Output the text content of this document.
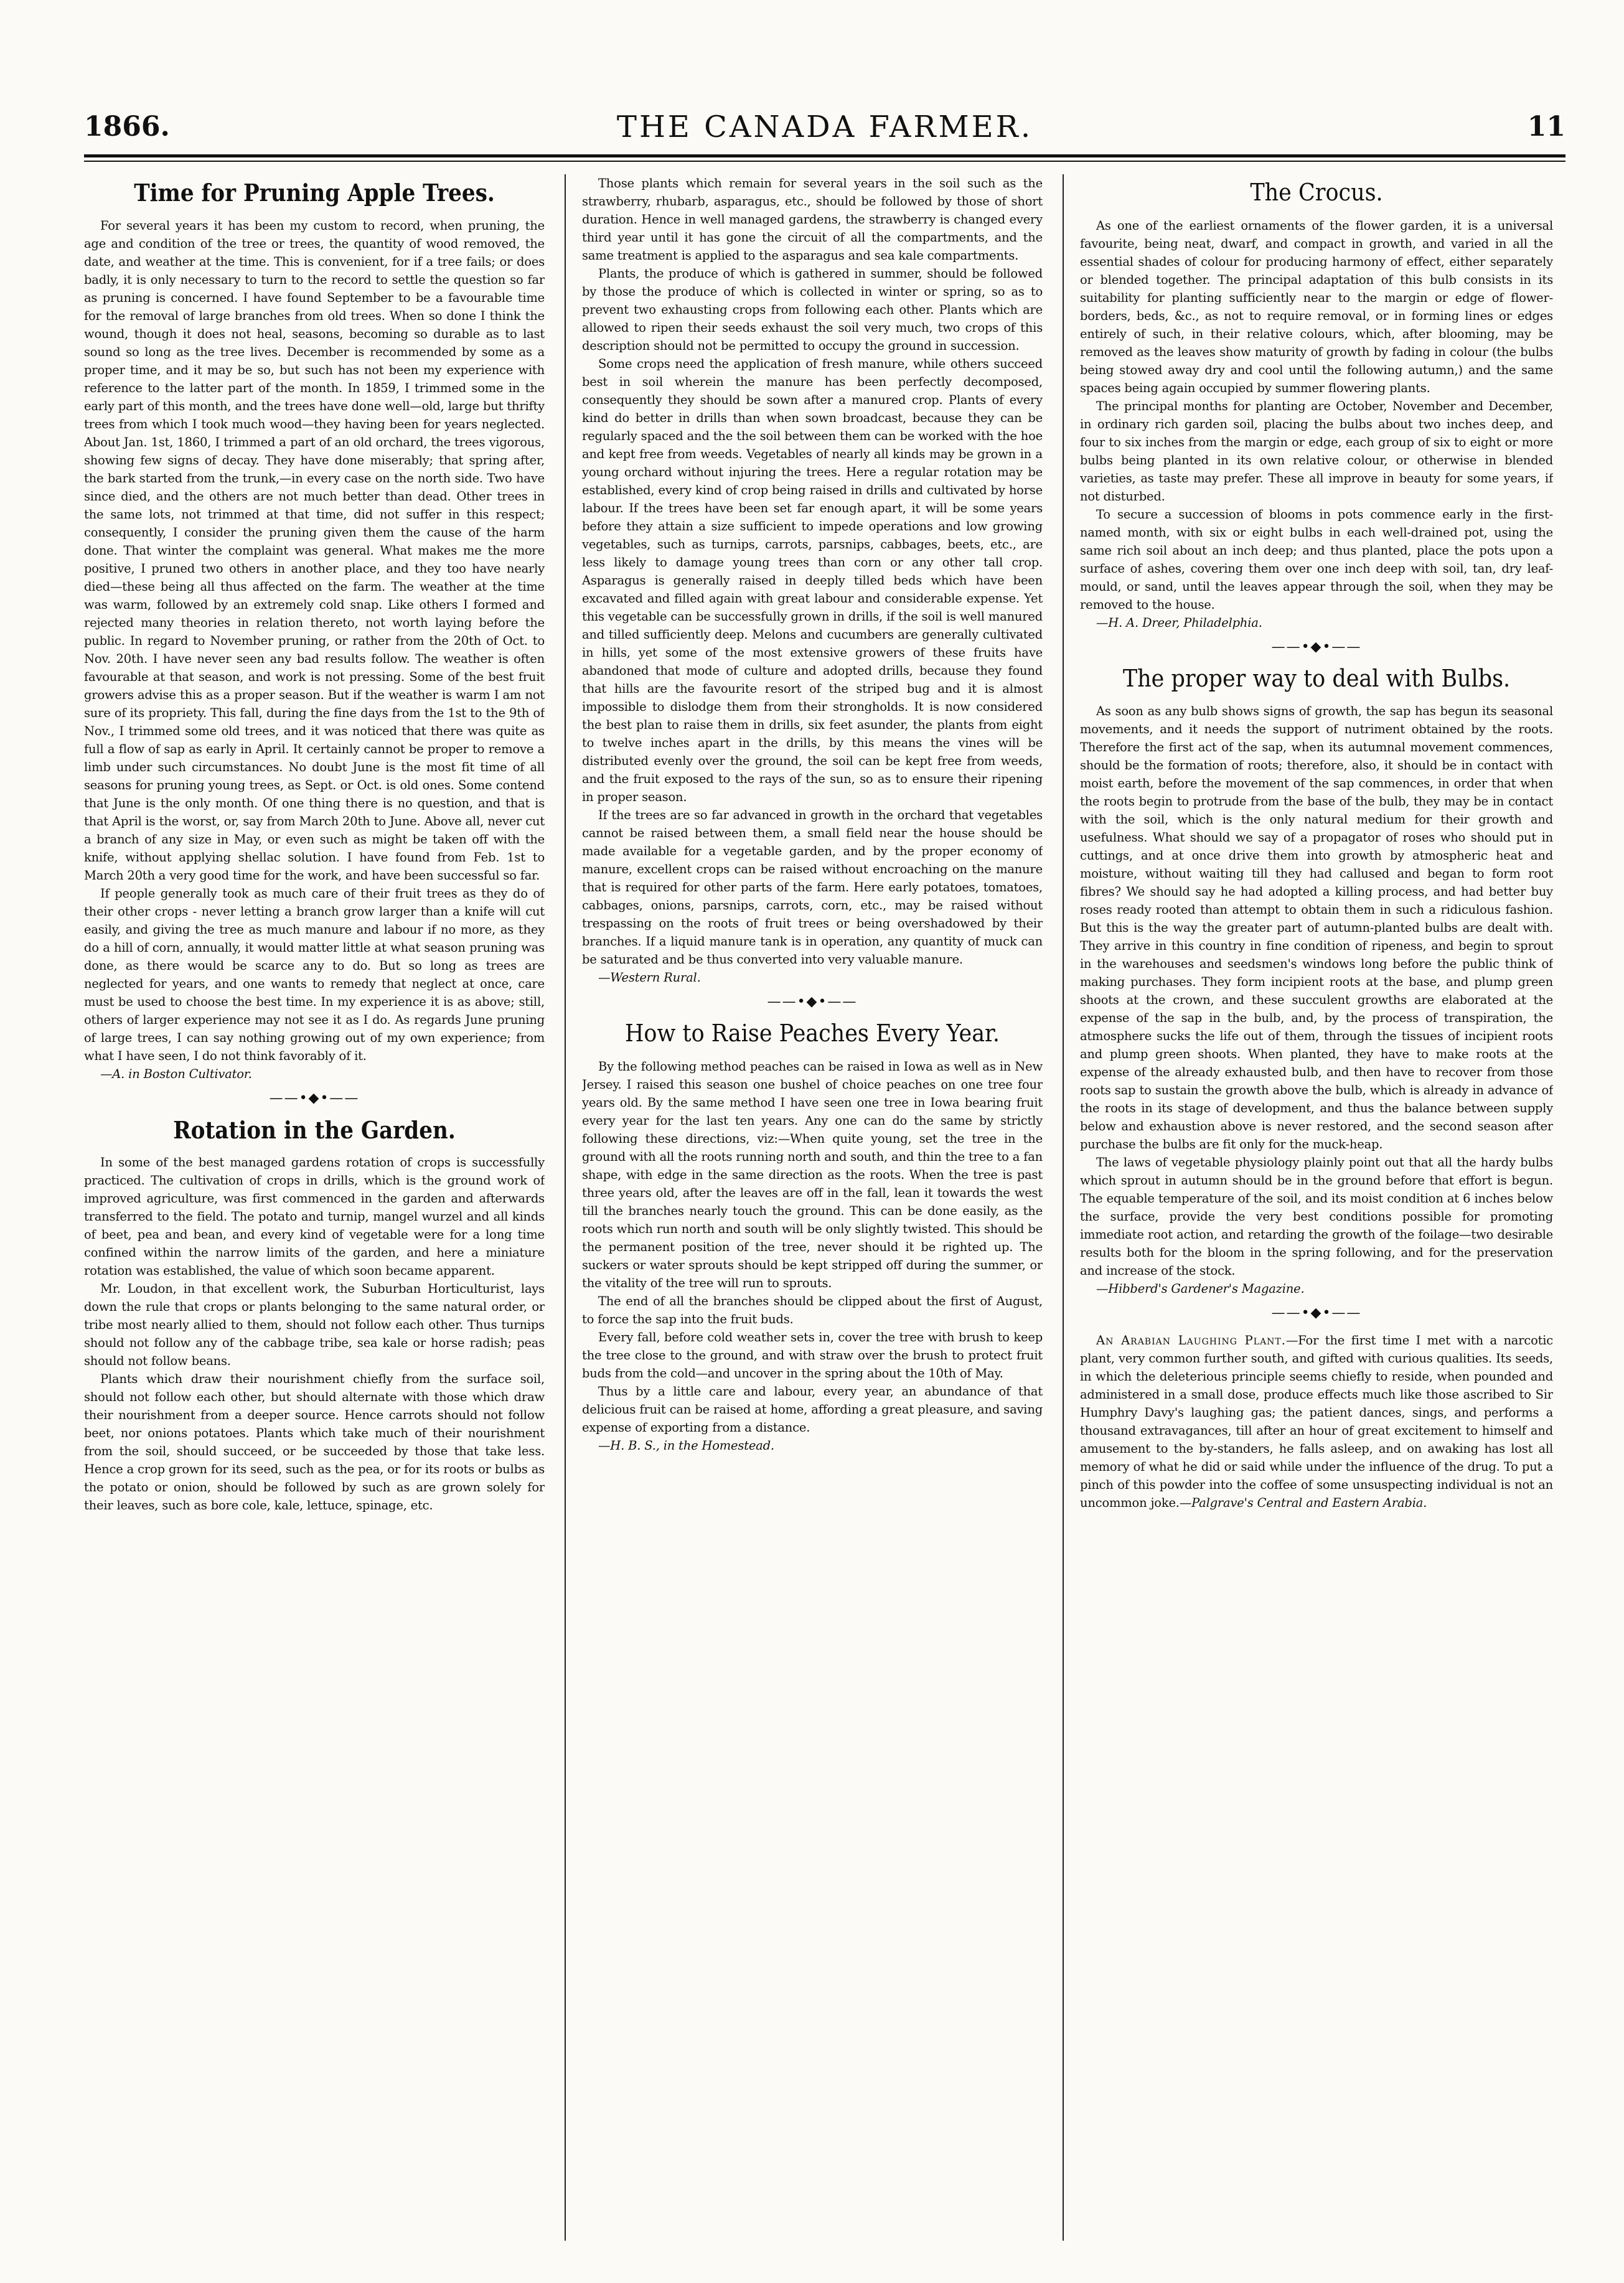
1866.	THE CANADA FARMER.	11
Time for Pruning Apple Trees.

For several years it has been my custom to record, when pruning, the age and condition of the tree or trees, the quantity of wood removed, the date, and weather at the time. This is convenient, for if a tree fails; or does badly, it is only necessary to turn to the record to settle the question so far as pruning is concerned. I have found September to be a favourable time for the removal of large branches from old trees. When so done I think the wound, though it does not heal, seasons, becoming so durable as to last sound so long as the tree lives. December is recommended by some as a proper time, and it may be so, but such has not been my experience with reference to the latter part of the month. In 1859, I trimmed some in the early part of this month, and the trees have done well—old, large but thrifty trees from which I took much wood—they having been for years neglected. About Jan. 1st, 1860, I trimmed a part of an old orchard, the trees vigorous, showing few signs of decay. They have done miserably; that spring after, the bark started from the trunk,—in every case on the north side. Two have since died, and the others are not much better than dead. Other trees in the same lots, not trimmed at that time, did not suffer in this respect; consequently, I consider the pruning given them the cause of the harm done. That winter the complaint was general. What makes me the more positive, I pruned two others in another place, and they too have nearly died—these being all thus affected on the farm. The weather at the time was warm, followed by an extremely cold snap. Like others I formed and rejected many theories in relation thereto, not worth laying before the public. In regard to November pruning, or rather from the 20th of Oct. to Nov. 20th. I have never seen any bad results follow. The weather is often favourable at that season, and work is not pressing. Some of the best fruit growers advise this as a proper season. But if the weather is warm I am not sure of its propriety. This fall, during the fine days from the 1st to the 9th of Nov., I trimmed some old trees, and it was noticed that there was quite as full a flow of sap as early in April. It certainly cannot be proper to remove a limb under such circumstances. No doubt June is the most fit time of all seasons for pruning young trees, as Sept. or Oct. is old ones. Some contend that June is the only month. Of one thing there is no question, and that is that April is the worst, or, say from March 20th to June. Above all, never cut a branch of any size in May, or even such as might be taken off with the knife, without applying shellac solution. I have found from Feb. 1st to March 20th a very good time for the work, and have been successful so far.

If people generally took as much care of their fruit trees as they do of their other crops - never letting a branch grow larger than a knife will cut easily, and giving the tree as much manure and labour if no more, as they do a hill of corn, annually, it would matter little at what season pruning was done, as there would be scarce any to do. But so long as trees are neglected for years, and one wants to remedy that neglect at once, care must be used to choose the best time. In my experience it is as above; still, others of larger experience may not see it as I do. As regards June pruning of large trees, I can say nothing growing out of my own experience; from what I have seen, I do not think favorably of it.

—A. in Boston Cultivator.

——•◆•——
Rotation in the Garden.

In some of the best managed gardens rotation of crops is successfully practiced. The cultivation of crops in drills, which is the ground work of improved agriculture, was first commenced in the garden and afterwards transferred to the field. The potato and turnip, mangel wurzel and all kinds of beet, pea and bean, and every kind of vegetable were for a long time confined within the narrow limits of the garden, and here a miniature rotation was established, the value of which soon became apparent.

Mr. Loudon, in that excellent work, the Suburban Horticulturist, lays down the rule that crops or plants belonging to the same natural order, or tribe most nearly allied to them, should not follow each other. Thus turnips should not follow any of the cabbage tribe, sea kale or horse radish; peas should not follow beans.

Plants which draw their nourishment chiefly from the surface soil, should not follow each other, but should alternate with those which draw their nourishment from a deeper source. Hence carrots should not follow beet, nor onions potatoes. Plants which take much of their nourishment from the soil, should succeed, or be succeeded by those that take less. Hence a crop grown for its seed, such as the pea, or for its roots or bulbs as the potato or onion, should be followed by such as are grown solely for their leaves, such as bore cole, kale, lettuce, spinage, etc.

Those plants which remain for several years in the soil such as the strawberry, rhubarb, asparagus, etc., should be followed by those of short duration. Hence in well managed gardens, the strawberry is changed every third year until it has gone the circuit of all the compartments, and the same treatment is applied to the asparagus and sea kale compartments.

Plants, the produce of which is gathered in summer, should be followed by those the produce of which is collected in winter or spring, so as to prevent two exhausting crops from following each other. Plants which are allowed to ripen their seeds exhaust the soil very much, two crops of this description should not be permitted to occupy the ground in succession.

Some crops need the application of fresh manure, while others succeed best in soil wherein the manure has been perfectly decomposed, consequently they should be sown after a manured crop. Plants of every kind do better in drills than when sown broadcast, because they can be regularly spaced and the the soil between them can be worked with the hoe and kept free from weeds. Vegetables of nearly all kinds may be grown in a young orchard without injuring the trees. Here a regular rotation may be established, every kind of crop being raised in drills and cultivated by horse labour. If the trees have been set far enough apart, it will be some years before they attain a size sufficient to impede operations and low growing vegetables, such as turnips, carrots, parsnips, cabbages, beets, etc., are less likely to damage young trees than corn or any other tall crop. Asparagus is generally raised in deeply tilled beds which have been excavated and filled again with great labour and considerable expense. Yet this vegetable can be successfully grown in drills, if the soil is well manured and tilled sufficiently deep. Melons and cucumbers are generally cultivated in hills, yet some of the most extensive growers of these fruits have abandoned that mode of culture and adopted drills, because they found that hills are the favourite resort of the striped bug and it is almost impossible to dislodge them from their strongholds. It is now considered the best plan to raise them in drills, six feet asunder, the plants from eight to twelve inches apart in the drills, by this means the vines will be distributed evenly over the ground, the soil can be kept free from weeds, and the fruit exposed to the rays of the sun, so as to ensure their ripening in proper season.

If the trees are so far advanced in growth in the orchard that vegetables cannot be raised between them, a small field near the house should be made available for a vegetable garden, and by the proper economy of manure, excellent crops can be raised without encroaching on the manure that is required for other parts of the farm. Here early potatoes, tomatoes, cabbages, onions, parsnips, carrots, corn, etc., may be raised without trespassing on the roots of fruit trees or being overshadowed by their branches. If a liquid manure tank is in operation, any quantity of muck can be saturated and be thus converted into very valuable manure.

—Western Rural.

——•◆•——
How to Raise Peaches Every Year.

By the following method peaches can be raised in Iowa as well as in New Jersey. I raised this season one bushel of choice peaches on one tree four years old. By the same method I have seen one tree in Iowa bearing fruit every year for the last ten years. Any one can do the same by strictly following these directions, viz:—When quite young, set the tree in the ground with all the roots running north and south, and thin the tree to a fan shape, with edge in the same direction as the roots. When the tree is past three years old, after the leaves are off in the fall, lean it towards the west till the branches nearly touch the ground. This can be done easily, as the roots which run north and south will be only slightly twisted. This should be the permanent position of the tree, never should it be righted up. The suckers or water sprouts should be kept stripped off during the summer, or the vitality of the tree will run to sprouts.

The end of all the branches should be clipped about the first of August, to force the sap into the fruit buds.

Every fall, before cold weather sets in, cover the tree with brush to keep the tree close to the ground, and with straw over the brush to protect fruit buds from the cold—and uncover in the spring about the 10th of May.

Thus by a little care and labour, every year, an abundance of that delicious fruit can be raised at home, affording a great pleasure, and saving expense of exporting from a distance.

—H. B. S., in the Homestead.

The Crocus.

As one of the earliest ornaments of the flower garden, it is a universal favourite, being neat, dwarf, and compact in growth, and varied in all the essential shades of colour for producing harmony of effect, either separately or blended together. The principal adaptation of this bulb consists in its suitability for planting sufficiently near to the margin or edge of flower-borders, beds, &c., as not to require removal, or in forming lines or edges entirely of such, in their relative colours, which, after blooming, may be removed as the leaves show maturity of growth by fading in colour (the bulbs being stowed away dry and cool until the following autumn,) and the same spaces being again occupied by summer flowering plants.

The principal months for planting are October, November and December, in ordinary rich garden soil, placing the bulbs about two inches deep, and four to six inches from the margin or edge, each group of six to eight or more bulbs being planted in its own relative colour, or otherwise in blended varieties, as taste may prefer. These all improve in beauty for some years, if not disturbed.

To secure a succession of blooms in pots commence early in the first-named month, with six or eight bulbs in each well-drained pot, using the same rich soil about an inch deep; and thus planted, place the pots upon a surface of ashes, covering them over one inch deep with soil, tan, dry leaf-mould, or sand, until the leaves appear through the soil, when they may be removed to the house.

—H. A. Dreer, Philadelphia.

——•◆•——
The proper way to deal with Bulbs.

As soon as any bulb shows signs of growth, the sap has begun its seasonal movements, and it needs the support of nutriment obtained by the roots. Therefore the first act of the sap, when its autumnal movement commences, should be the formation of roots; therefore, also, it should be in contact with moist earth, before the movement of the sap commences, in order that when the roots begin to protrude from the base of the bulb, they may be in contact with the soil, which is the only natural medium for their growth and usefulness. What should we say of a propagator of roses who should put in cuttings, and at once drive them into growth by atmospheric heat and moisture, without waiting till they had callused and began to form root fibres? We should say he had adopted a killing process, and had better buy roses ready rooted than attempt to obtain them in such a ridiculous fashion. But this is the way the greater part of autumn-planted bulbs are dealt with. They arrive in this country in fine condition of ripeness, and begin to sprout in the warehouses and seedsmen's windows long before the public think of making purchases. They form incipient roots at the base, and plump green shoots at the crown, and these succulent growths are elaborated at the expense of the sap in the bulb, and, by the process of transpiration, the atmosphere sucks the life out of them, through the tissues of incipient roots and plump green shoots. When planted, they have to make roots at the expense of the already exhausted bulb, and then have to recover from those roots sap to sustain the growth above the bulb, which is already in advance of the roots in its stage of development, and thus the balance between supply below and exhaustion above is never restored, and the second season after purchase the bulbs are fit only for the muck-heap.

The laws of vegetable physiology plainly point out that all the hardy bulbs which sprout in autumn should be in the ground before that effort is begun. The equable temperature of the soil, and its moist condition at 6 inches below the surface, provide the very best conditions possible for promoting immediate root action, and retarding the growth of the foilage—two desirable results both for the bloom in the spring following, and for the preservation and increase of the stock.

—Hibberd's Gardener's Magazine.

——•◆•——

An Arabian Laughing Plant.—For the first time I met with a narcotic plant, very common further south, and gifted with curious qualities. Its seeds, in which the deleterious principle seems chiefly to reside, when pounded and administered in a small dose, produce effects much like those ascribed to Sir Humphry Davy's laughing gas; the patient dances, sings, and performs a thousand extravagances, till after an hour of great excitement to himself and amusement to the by-standers, he falls asleep, and on awaking has lost all memory of what he did or said while under the influence of the drug. To put a pinch of this powder into the coffee of some unsuspecting individual is not an uncommon joke.—Palgrave's Central and Eastern Arabia.
